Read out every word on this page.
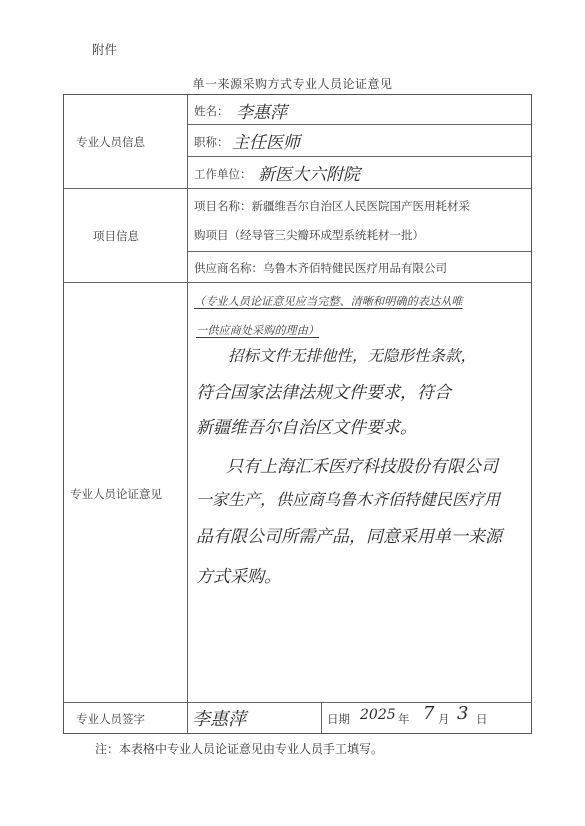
附件
单一来源采购方式专业人员论证意见
专业人员信息
项目信息
专业人员论证意见
专业人员签字
姓名： 李惠萍
职称： 主任医师
工作单位： 新医大六附院
项目名称：新疆维吾尔自治区人民医院国产医用耗材采
购项目（经导管三尖瓣环成型系统耗材一批）
供应商名称：乌鲁木齐佰特健民医疗用品有限公司
（专业人员论证意见应当完整、清晰和明确的表达从唯
一供应商处采购的理由）
招标文件无排他性，无隐形性条款，
符合国家法律法规文件要求，符合
新疆维吾尔自治区文件要求。
只有上海汇禾医疗科技股份有限公司
一家生产，供应商乌鲁木齐佰特健民医疗用
品有限公司所需产品，同意采用单一来源
方式采购。
李惠萍	日期 2025 年 7 月 3 日
注：本表格中专业人员论证意见由专业人员手工填写。
